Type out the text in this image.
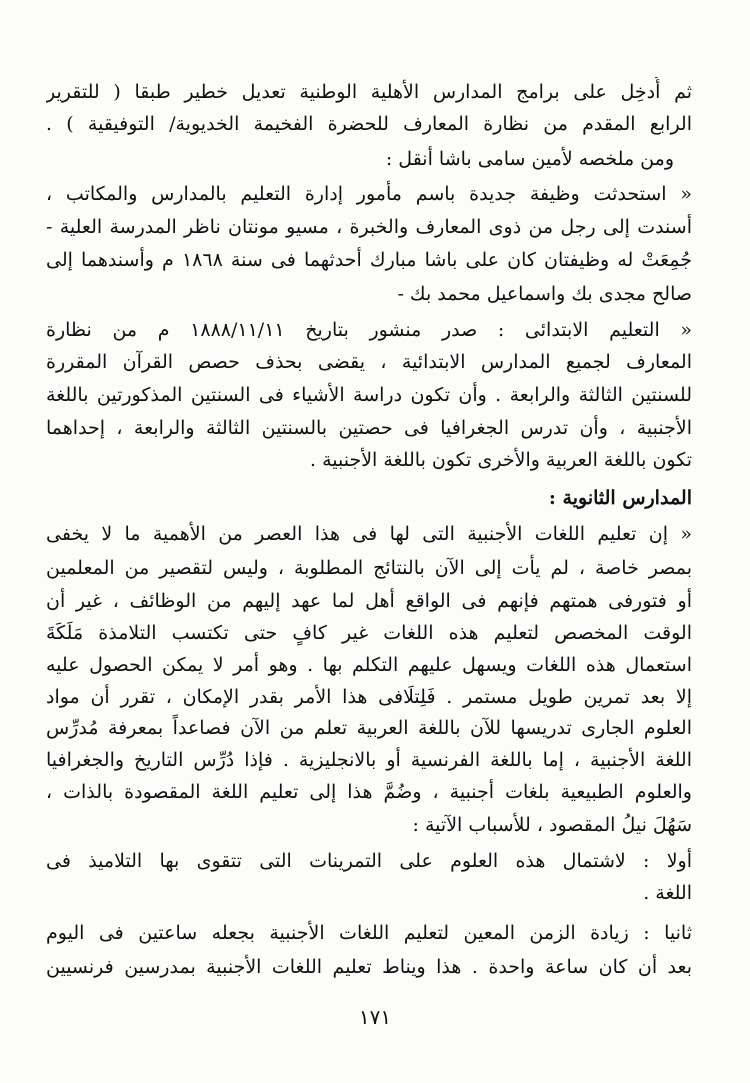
ثم أُدخِل على برامج المدارس الأهلية الوطنية تعديل خطير طبقا ( للتقرير
الرابع المقدم من نظارة المعارف للحضرة الفخيمة الخديوية/ التوفيقية ) .
ومن ملخصه لأمين سامى باشا أنقل :
« استحدثت وظيفة جديدة باسم مأمور إدارة التعليم بالمدارس والمكاتب ،
أسندت إلى رجل من ذوى المعارف والخبرة ، مسيو مونتان ناظر المدرسة العلية -
جُمِعَتْ له وظيفتان كان على باشا مبارك أحدثهما فى سنة ١٨٦٨ م وأسندهما إلى
صالح مجدى بك واسماعيل محمد بك -
« التعليم الابتدائى : صدر منشور بتاريخ ١٨٨٨/١١/١١ م من نظارة
المعارف لجميع المدارس الابتدائية ، يقضى بحذف حصص القرآن المقررة
للسنتين الثالثة والرابعة . وأن تكون دراسة الأشياء فى السنتين المذكورتين باللغة
الأجنبية ، وأن تدرس الجغرافيا فى حصتين بالسنتين الثالثة والرابعة ، إحداهما
تكون باللغة العربية والأخرى تكون باللغة الأجنبية .
المدارس الثانوية :
« إن تعليم اللغات الأجنبية التى لها فى هذا العصر من الأهمية ما لا يخفى
بمصر خاصة ، لم يأت إلى الآن بالنتائج المطلوبة ، وليس لتقصير من المعلمين
أو فتورفى همتهم فإنهم فى الواقع أهل لما عهد إليهم من الوظائف ، غير أن
الوقت المخصص لتعليم هذه اللغات غير كافٍ حتى تكتسب التلامذة مَلَكَةَ
استعمال هذه اللغات ويسهل عليهم التكلم بها . وهو أمر لا يمكن الحصول عليه
إلا بعد تمرين طويل مستمر . فَلِتلَافى هذا الأمر بقدر الإمكان ، تقرر أن مواد
العلوم الجارى تدريسها للآن باللغة العربية تعلم من الآن فصاعداً بمعرفة مُدرِّس
اللغة الأجنبية ، إما باللغة الفرنسية أو بالانجليزية . فإذا دُرِّس التاريخ والجغرافيا
والعلوم الطبيعية بلغات أجنبية ، وضُمَّ هذا إلى تعليم اللغة المقصودة بالذات ،
سَهُلَ نيلُ المقصود ، للأسباب الآتية :
أولا : لاشتمال هذه العلوم على التمرينات التى تتقوى بها التلاميذ فى
اللغة .
ثانيا : زيادة الزمن المعين لتعليم اللغات الأجنبية بجعله ساعتين فى اليوم
بعد أن كان ساعة واحدة . هذا ويناط تعليم اللغات الأجنبية بمدرسين فرنسيين
١٧١
